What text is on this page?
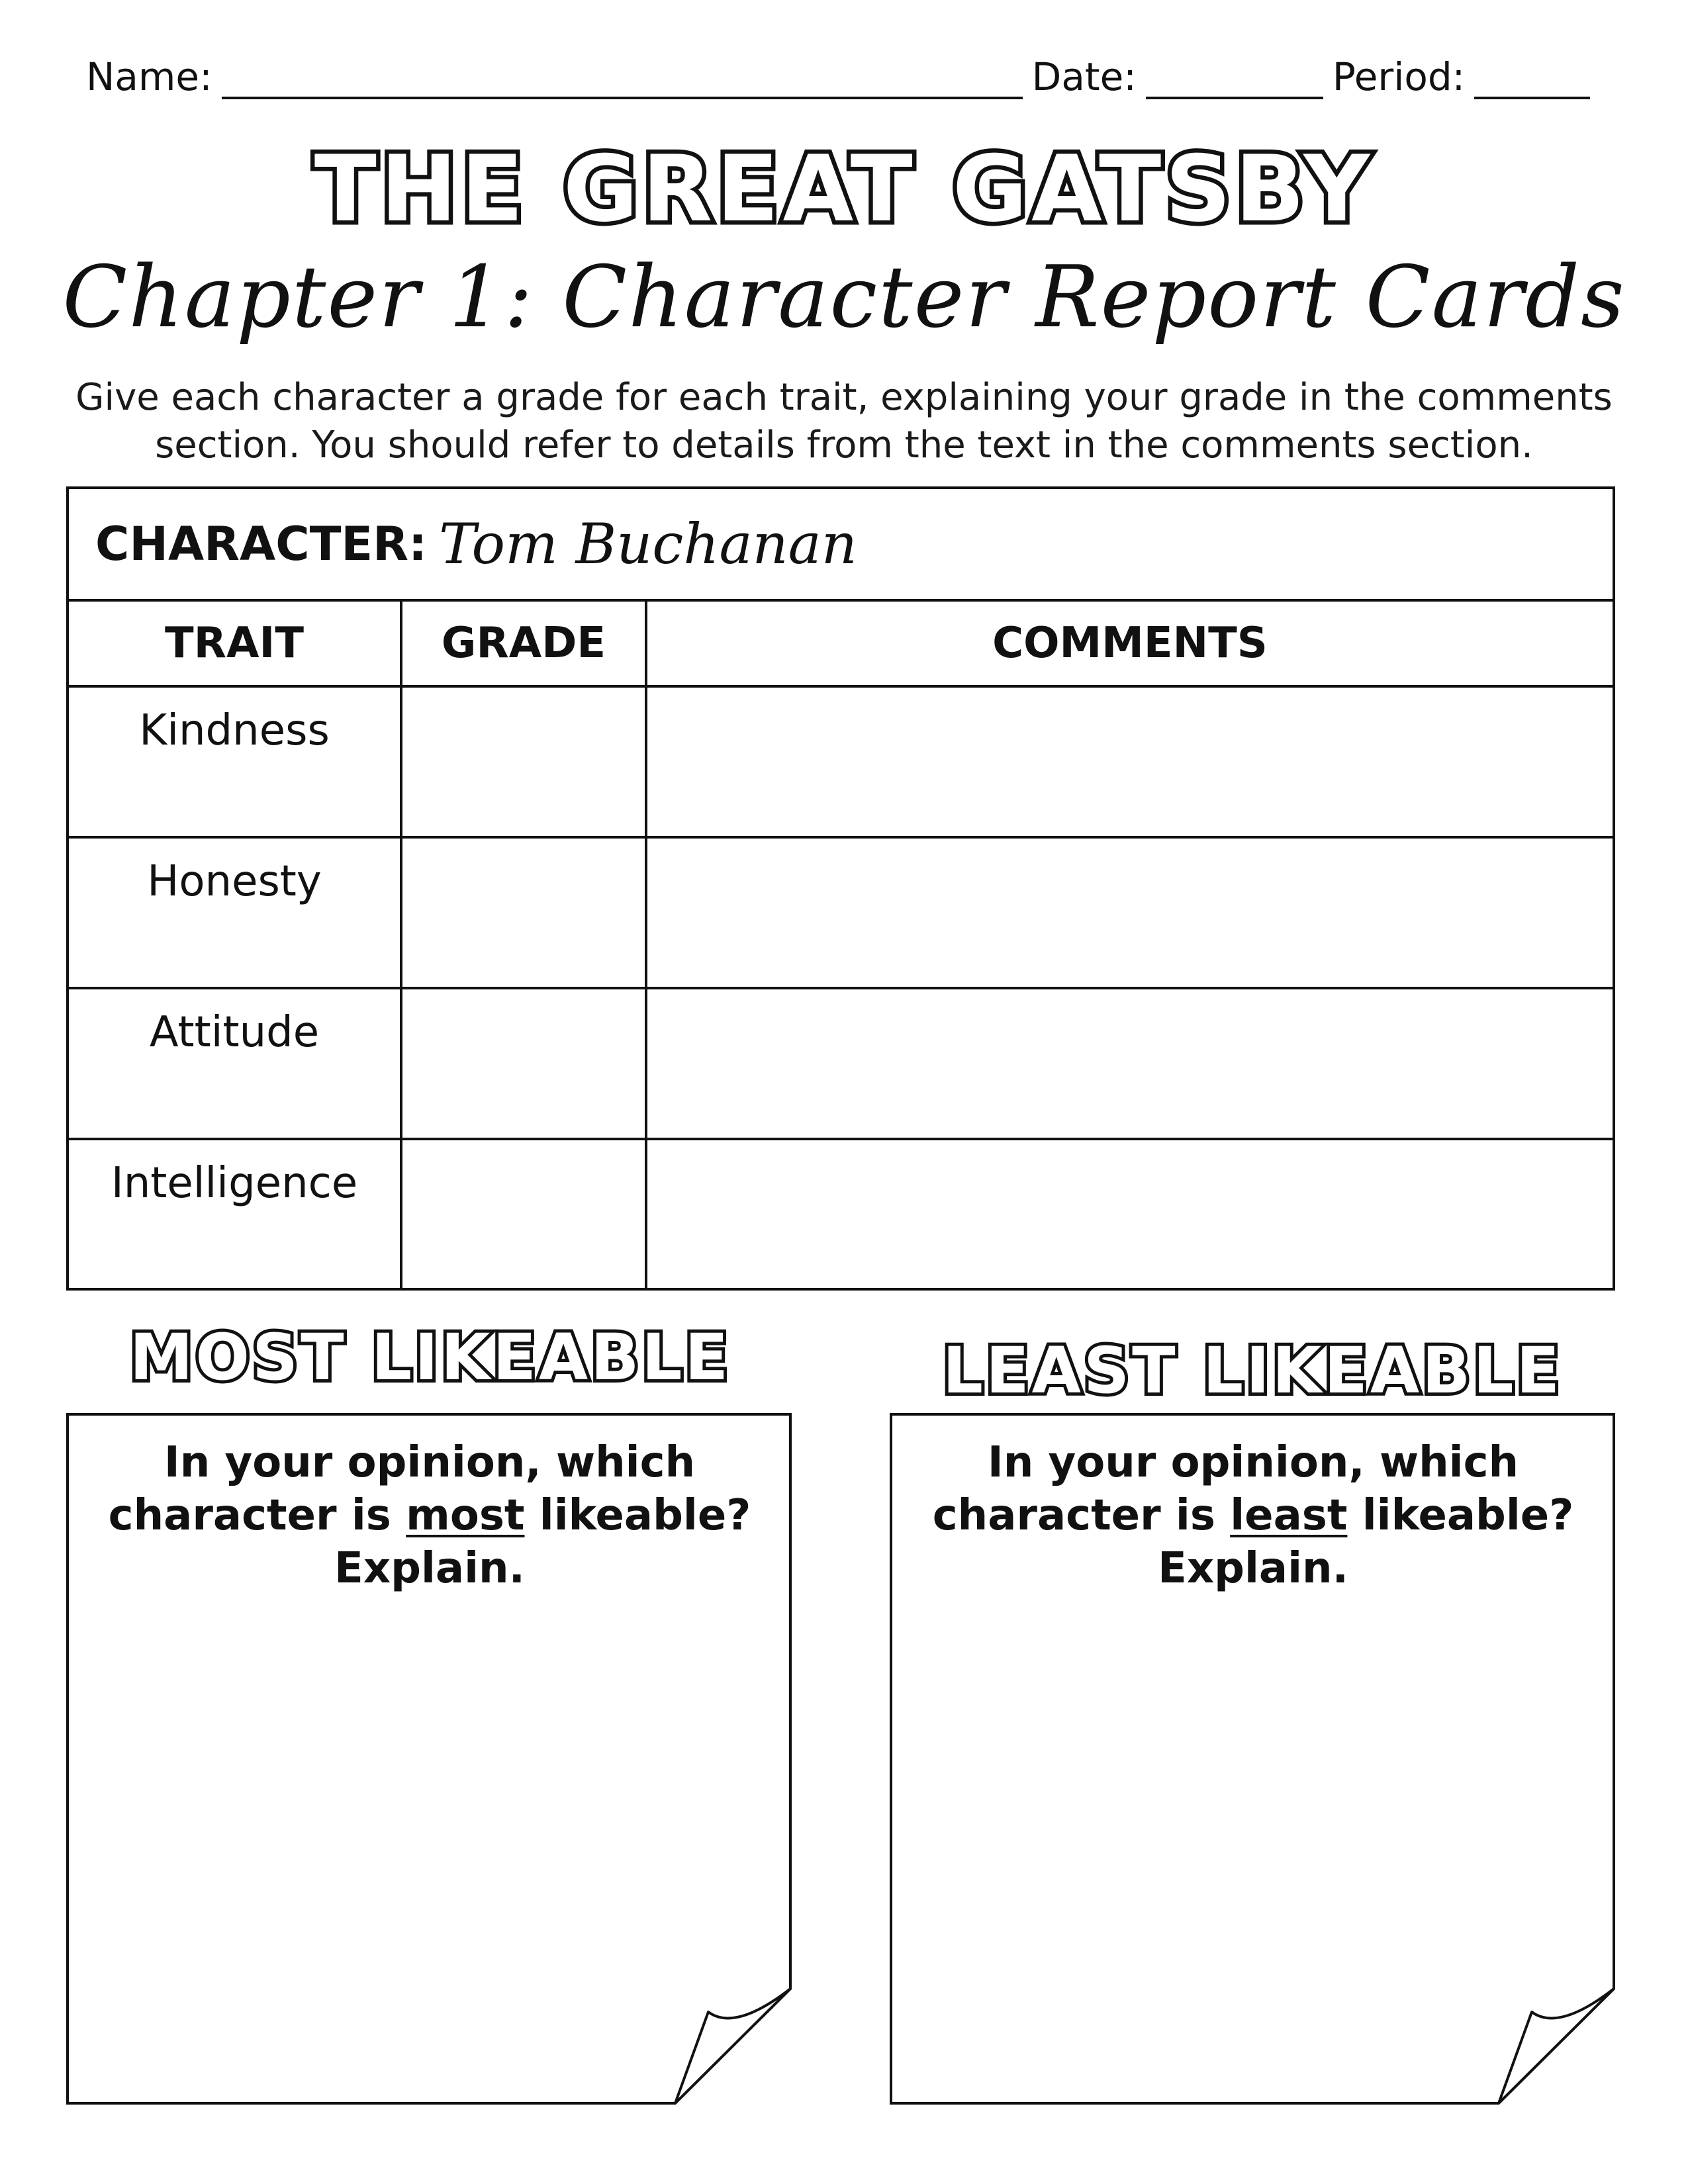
Name:	Date:	Period:
THE GREAT GATSBY
Chapter 1: Character Report Cards
Give each character a grade for each trait, explaining your grade in the comments
section. You should refer to details from the text in the comments section.
CHARACTER: Tom Buchanan
TRAIT	GRADE	COMMENTS
Kindness
Honesty
Attitude
Intelligence
MOST LIKEABLE	LEAST LIKEABLE
In your opinion, which
character is most likeable?
Explain.
In your opinion, which
character is least likeable?
Explain.
